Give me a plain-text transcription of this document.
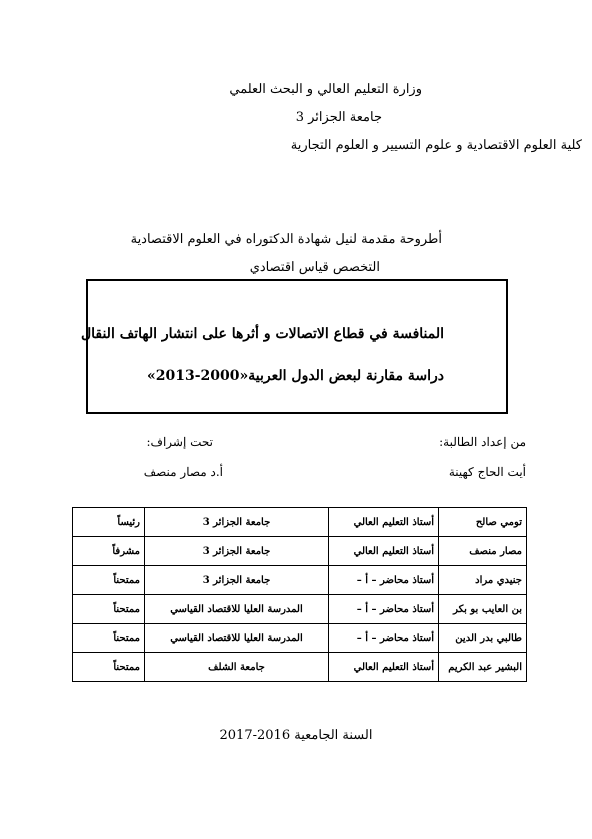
وزارة التعليم العالي و البحث العلمي
جامعة الجزائر 3
كلية العلوم الاقتصادية و علوم التسيير و العلوم التجارية
أطروحة مقدمة لنيل شهادة الدكتوراه في العلوم الاقتصادية
التخصص قياس اقتصادي
المنافسة في قطاع الاتصالات و أثرها على انتشار الهاتف النقال
دراسة مقارنة لبعض الدول العربية«2000-2013»
من إعداد الطالبة:
أيت الحاج كهينة
تحت إشراف:
أ.د مصار منصف
تومي صالح	أستاذ التعليم العالي	جامعة الجزائر 3	رئيساً
مصار منصف	أستاذ التعليم العالي	جامعة الجزائر 3	مشرفاً
جنيدي مراد	أستاذ محاضر – أ –	جامعة الجزائر 3	ممتحناً
بن العايب بو بكر	أستاذ محاضر – أ –	المدرسة العليا للاقتصاد القياسي	ممتحناً
طالبي بدر الدين	أستاذ محاضر – أ –	المدرسة العليا للاقتصاد القياسي	ممتحناً
البشير عبد الكريم	أستاذ التعليم العالي	جامعة الشلف	ممتحناً
السنة الجامعية 2016-2017
